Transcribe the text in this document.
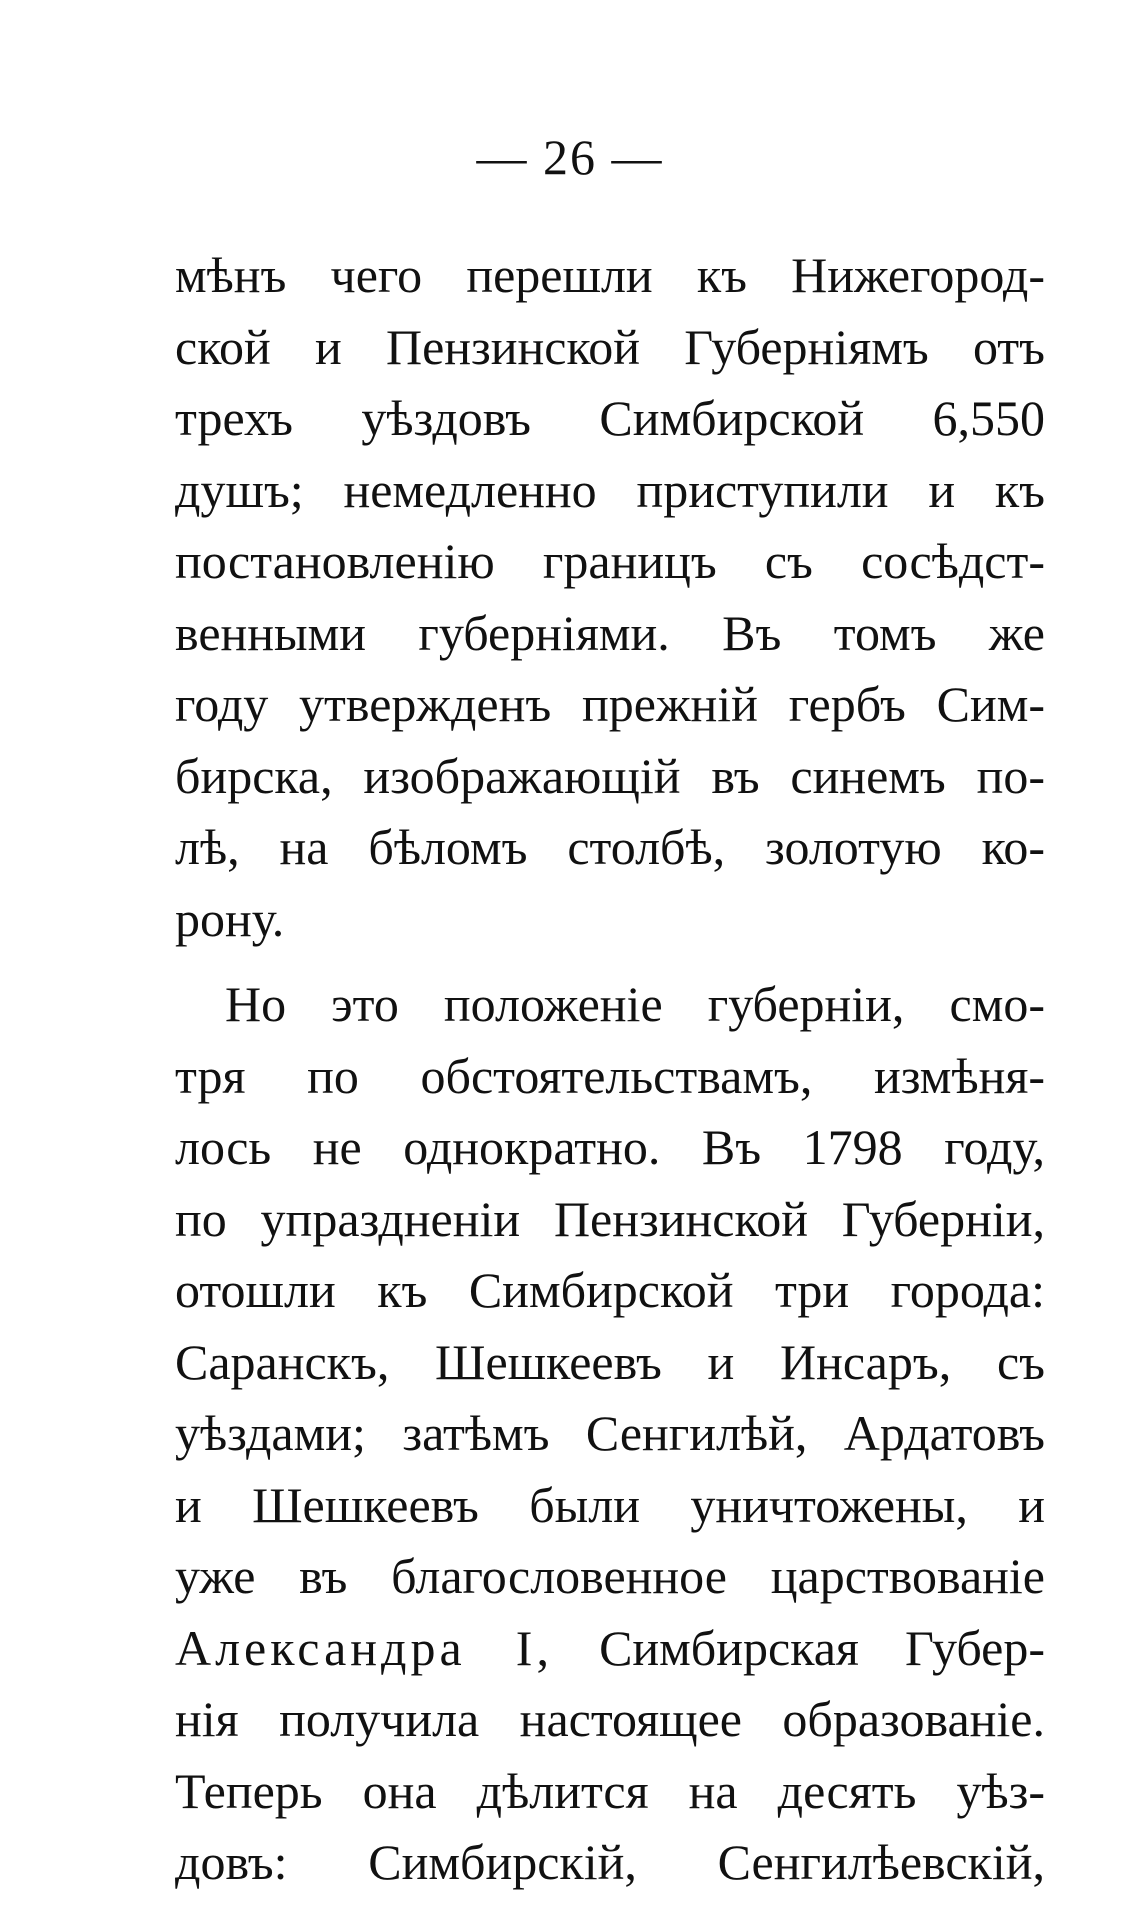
— 26 —
мѣнъ чего перешли къ Нижегород-
ской и Пензинской Губерніямъ отъ
трехъ уѣздовъ Симбирской 6,550
душъ; немедленно приступили и къ
постановленію границъ съ сосѣдст-
венными губерніями. Въ томъ же
году утвержденъ прежній гербъ Сим-
бирска, изображающій въ синемъ по-
лѣ, на бѣломъ столбѣ, золотую ко-
рону.
Но это положеніе губерніи, смо-
тря по обстоятельствамъ, измѣня-
лось не однократно. Въ 1798 году,
по упраздненіи Пензинской Губерніи,
отошли къ Симбирской три города:
Саранскъ, Шешкеевъ и Инсаръ, съ
уѣздами; затѣмъ Сенгилѣй, Ардатовъ
и Шешкеевъ были уничтожены, и
уже въ благословенное царствованіе
Александра І, Симбирская Губер-
нія получила настоящее образованіе.
Теперь она дѣлится на десять уѣз-
довъ: Симбирскій, Сенгилѣевскій,
